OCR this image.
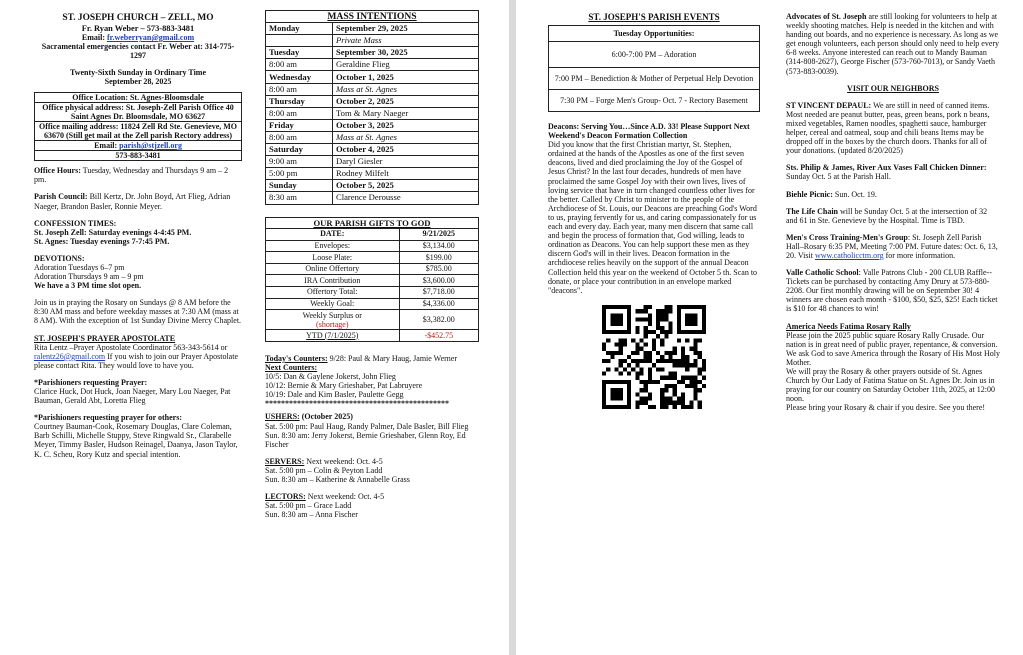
ST. JOSEPH CHURCH – ZELL, MO
Fr. Ryan Weber – 573-883-3481
Email: fr.weberryan@gmail.com
Sacramental emergencies contact Fr. Weber at: 314-775-1297
Twenty-Sixth Sunday in Ordinary Time
September 28, 2025
Office Location: St. Agnes-Bloomsdale
Office physical address: St. Joseph-Zell Parish Office 40 Saint Agnes Dr. Bloomsdale, MO 63627
Office mailing address: 11824 Zell Rd Ste. Genevieve, MO 63670 (Still get mail at the Zell parish Rectory address)
Email: parish@stjzell.org
573-883-3481

Office Hours: Tuesday, Wednesday and Thursdays 9 am – 2 pm.

Parish Council: Bill Kertz, Dr. John Boyd, Art Flieg, Adrian Naeger, Brandon Basler, Ronnie Meyer.

CONFESSION TIMES:

St. Joseph Zell: Saturday evenings 4-4:45 PM.

St. Agnes: Tuesday evenings 7-7:45 PM.

DEVOTIONS:

Adoration Tuesdays 6–7 pm

Adoration Thursdays 9 am – 9 pm

We have a 3 PM time slot open.

Join us in praying the Rosary on Sundays @ 8 AM before the 8:30 AM mass and before weekday masses at 7:30 AM (mass at 8 AM). With the exception of 1st Sunday Divine Mercy Chaplet.

ST. JOSEPH'S PRAYER APOSTOLATE

Rita Lentz –Prayer Apostolate Coordinator 563-343-5614 or ralentz26@gmail.com If you wish to join our Prayer Apostolate please contact Rita. They would love to have you.

*Parishioners requesting Prayer:

Clarice Huck, Dot Huck, Joan Naeger, Mary Lou Naeger, Pat Bauman, Gerald Abt, Loretta Flieg

*Parishioners requesting prayer for others:

Courtney Bauman-Cook, Rosemary Douglas, Clare Coleman, Barb Schilli, Michelle Stuppy, Steve Ringwald Sr., Clarabelle Meyer, Timmy Basler, Hudson Reinagel, Daanya, Jason Taylor, K. C. Scheu, Rory Kutz and special intention.

MASS INTENTIONS	
Monday	September 29, 2025
	Private Mass
Tuesday	September 30, 2025
8:00 am	Geraldine Flieg
Wednesday	October 1, 2025
8:00 am	Mass at St. Agnes
Thursday	October 2, 2025
8:00 am	Tom & Mary Naeger
Friday	October 3, 2025
8:00 am	Mass at St. Agnes
Saturday	October 4, 2025
9:00 am	Daryl Giesler
5:00 pm	Rodney Milfelt
Sunday	October 5, 2025
8:30 am	Clarence Derousse
OUR PARISH GIFTS TO GOD	
DATE:	9/21/2025
Envelopes:	$3,134.00
Loose Plate:	$199.00
Online Offertory	$785.00
IRA Contribution	$3,600.00
Offertory Total:	$7,718.00
Weekly Goal:	$4,336.00
Weekly Surplus or
(shortage)	$3,382.00
YTD (7/1/2025)	-$452.75

Today's Counters: 9/28: Paul & Mary Haug, Jamie Werner

Next Counters:

10/5: Dan & Gaylene Jokerst, John Flieg

10/12: Bernie & Mary Grieshaber, Pat Labruyere

10/19: Dale and Kim Basler, Paulette Gegg

**********************************************

USHERS: (October 2025)

Sat. 5:00 pm: Paul Haug, Randy Palmer, Dale Basler, Bill Flieg

Sun. 8:30 am: Jerry Jokerst, Bernie Grieshaber, Glenn Roy, Ed Fischer

SERVERS: Next weekend: Oct. 4-5

Sat. 5:00 pm – Colin & Peyton Ladd

Sun. 8:30 am – Katherine & Annabelle Grass

LECTORS: Next weekend: Oct. 4-5

Sat. 5:00 pm – Grace Ladd

Sun. 8:30 am – Anna Fischer

ST. JOSEPH'S PARISH EVENTS
Tuesday Opportunities:
6:00-7:00 PM – Adoration
7:00 PM – Benediction & Mother of Perpetual Help Devotion
7:30 PM – Forge Men's Group- Oct. 7 - Rectory Basement

Deacons: Serving You…Since A.D. 33! Please Support Next Weekend's Deacon Formation Collection

Did you know that the first Christian martyr, St. Stephen, ordained at the hands of the Apostles as one of the first seven deacons, lived and died proclaiming the Joy of the Gospel of Jesus Christ? In the last four decades, hundreds of men have proclaimed the same Gospel Joy with their own lives, lives of loving service that have in turn changed countless other lives for the better. Called by Christ to minister to the people of the Archdiocese of St. Louis, our Deacons are preaching God's Word to us, praying fervently for us, and caring compassionately for us each and every day. Each year, many men discern that same call and begin the process of formation that, God willing, leads to ordination as Deacons. You can help support these men as they discern God's will in their lives. Deacon formation in the archdiocese relies heavily on the support of the annual Deacon Collection held this year on the weekend of October 5 th. Scan to donate, or place your contribution in an envelope marked "deacons".

Advocates of St. Joseph are still looking for volunteers to help at weekly shooting matches. Help is needed in the kitchen and with handing out boards, and no experience is necessary. As long as we get enough volunteers, each person should only need to help every 6-8 weeks. Anyone interested can reach out to Mandy Bauman (314-808-2627), George Fischer (573-760-7013), or Sandy Vaeth (573-883-0039).

VISIT OUR NEIGHBORS

ST VINCENT DEPAUL: We are still in need of canned items. Most needed are peanut butter, peas, green beans, pork n beans, mixed vegetables, Ramen noodles, spaghetti sauce, hamburger helper, cereal and oatmeal, soup and chili beans Items may be dropped off in the boxes by the church doors. Thanks for all of your donations. (updated 8/20/2025)

Sts. Philip & James, River Aux Vases Fall Chicken Dinner: Sunday Oct. 5 at the Parish Hall.

Biehle Picnic: Sun. Oct. 19.

The Life Chain will be Sunday Oct. 5 at the intersection of 32 and 61 in Ste. Genevieve by the Hospital. Time is TBD.

Men's Cross Training-Men's Group: St. Joseph Zell Parish Hall–Rosary 6:35 PM, Meeting 7:00 PM. Future dates: Oct. 6, 13, 20. Visit www.catholicctm.org for more information.

Valle Catholic School: Valle Patrons Club - 200 CLUB Raffle--Tickets can be purchased by contacting Amy Drury at 573-880-2208. Our first monthly drawing will be on September 30! 4 winners are chosen each month - $100, $50, $25, $25! Each ticket is $10 for 48 chances to win!

America Needs Fatima Rosary Rally

Please join the 2025 public square Rosary Rally Crusade. Our nation is in great need of public prayer, repentance, & conversion. We ask God to save America through the Rosary of His Most Holy Mother.

We will pray the Rosary & other prayers outside of St. Agnes Church by Our Lady of Fatima Statue on St. Agnes Dr. Join us in praying for our country on Saturday October 11th, 2025, at 12:00 noon.

Please bring your Rosary & chair if you desire. See you there!
